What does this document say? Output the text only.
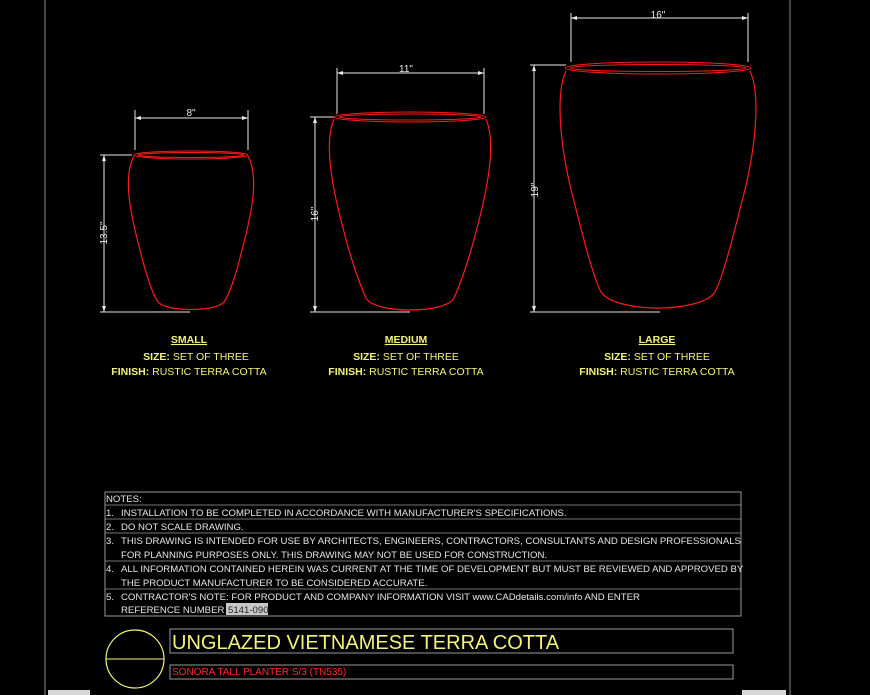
8"
13.5"
11"
16"
16"
19"
SMALL
SIZE: SET OF THREE
FINISH: RUSTIC TERRA COTTA
MEDIUM
SIZE: SET OF THREE
FINISH: RUSTIC TERRA COTTA
LARGE
SIZE: SET OF THREE
FINISH: RUSTIC TERRA COTTA
NOTES:
1. INSTALLATION TO BE COMPLETED IN ACCORDANCE WITH MANUFACTURER'S SPECIFICATIONS.
2. DO NOT SCALE DRAWING.
3. THIS DRAWING IS INTENDED FOR USE BY ARCHITECTS, ENGINEERS, CONTRACTORS, CONSULTANTS AND DESIGN PROFESSIONALS
FOR PLANNING PURPOSES ONLY. THIS DRAWING MAY NOT BE USED FOR CONSTRUCTION.
4. ALL INFORMATION CONTAINED HEREIN WAS CURRENT AT THE TIME OF DEVELOPMENT BUT MUST BE REVIEWED AND APPROVED BY
THE PRODUCT MANUFACTURER TO BE CONSIDERED ACCURATE.
5. CONTRACTOR'S NOTE: FOR PRODUCT AND COMPANY INFORMATION VISIT www.CADdetails.com/info AND ENTER
REFERENCE NUMBER 5141-090
UNGLAZED VIETNAMESE TERRA COTTA
SONORA TALL PLANTER S/3 (TN535)
